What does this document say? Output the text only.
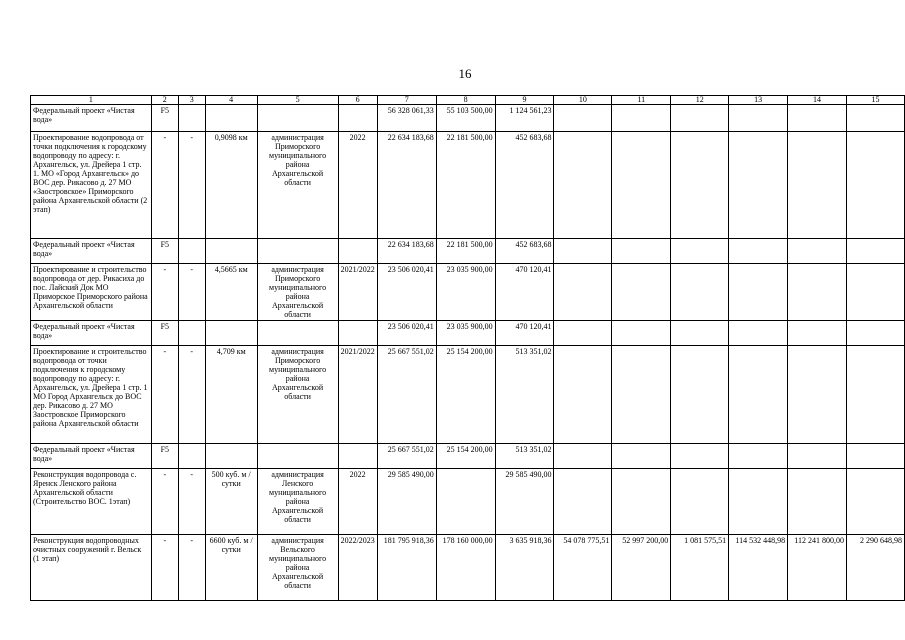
16
1	2	3	4	5	6	7	8	9	10	11	12	13	14	15
Федеральный проект «Чистая вода»	F5					56 328 061,33	55 103 500,00	1 124 561,23						
Проектирование водопровода от точки подключения к городскому водопроводу по адресу: г. Архангельск, ул. Дрейера 1 стр. 1. МО «Город Архангельск» до ВОС дер. Рикасово д. 27 МО «Заостровское» Приморского района Архангельской области (2 этап)	-	-	0,9098 км	администрация Приморского муниципального района Архангельской области	2022	22 634 183,68	22 181 500,00	452 683,68						
Федеральный проект «Чистая вода»	F5					22 634 183,68	22 181 500,00	452 683,68						
Проектирование и строительство водопровода от дер. Рикасиха до пос. Лайский Док МО Приморское Приморского района Архангельской области	-	-	4,5665 км	администрация Приморского муниципального района Архангельской области	2021/2022	23 506 020,41	23 035 900,00	470 120,41						
Федеральный проект «Чистая вода»	F5					23 506 020,41	23 035 900,00	470 120,41						
Проектирование и строительство водопровода от точки подключения к городскому водопроводу по адресу: г. Архангельск, ул. Дрейера 1 стр. 1 МО Город Архангельск до ВОС дер. Рикасово д. 27 МО Заостровское Приморского района Архангельской области	-	-	4,709 км	администрация Приморского муниципального района Архангельской области	2021/2022	25 667 551,02	25 154 200,00	513 351,02						
Федеральный проект «Чистая вода»	F5					25 667 551,02	25 154 200,00	513 351,02						
Реконструкция водопровода с. Яренск Ленского района Архангельской области (Строительство ВОС. 1этап)	-	-	500 куб. м /сутки	администрация Ленского муниципального района Архангельской области	2022	29 585 490,00		29 585 490,00						
Реконструкция водопроводных очистных сооружений г. Вельск (1 этап)	-	-	6600 куб. м /сутки	администрация Вельского муниципального района Архангельской области	2022/2023	181 795 918,36	178 160 000,00	3 635 918,36	54 078 775,51	52 997 200,00	1 081 575,51	114 532 448,98	112 241 800,00	2 290 648,98
